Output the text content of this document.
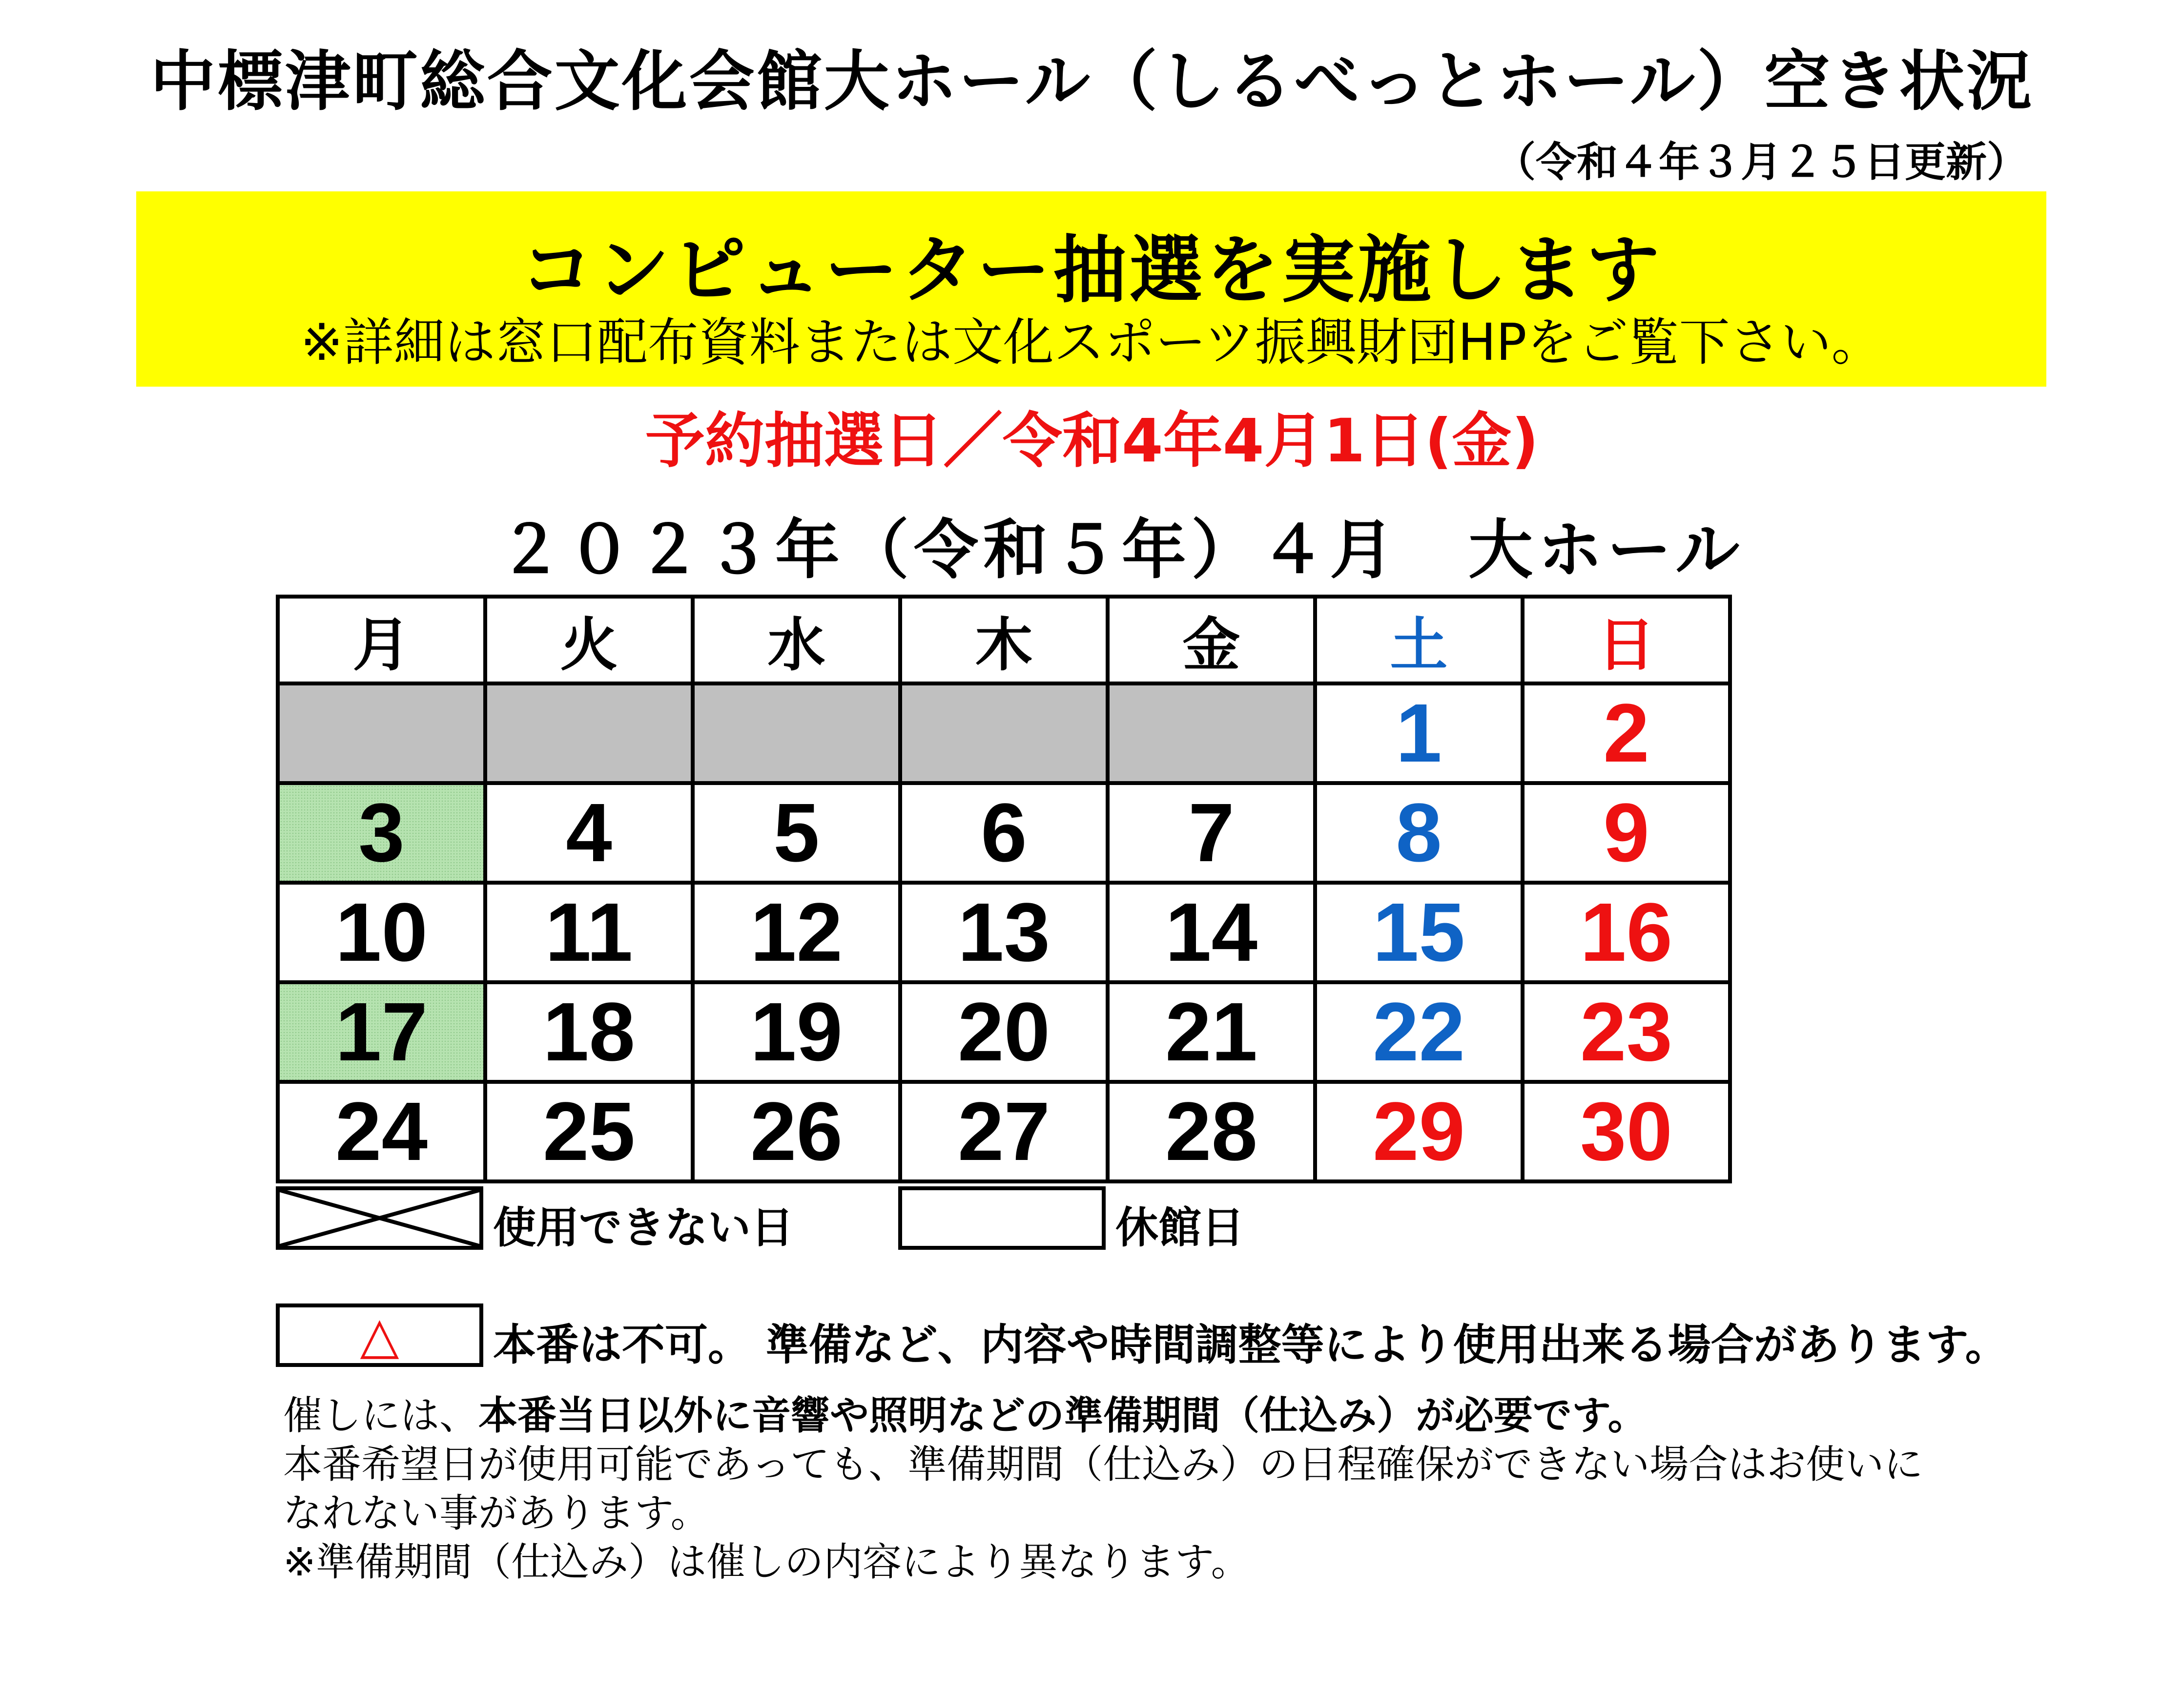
中標津町総合文化会館大ホール（しるべっとホール）空き状況
（令和４年３月２５日更新）
コンピューター抽選を実施します
※詳細は窓口配布資料または文化スポーツ振興財団HPをご覧下さい。
予約抽選日／令和4年4月1日(金)
２０２３年（令和５年）４月　大ホール
月	火	水	木	金	土	日
					1	2
3	4	5	6	7	8	9
10	11	12	13	14	15	16
17	18	19	20	21	22	23
24	25	26	27	28	29	30
使用できない日	休館日
△	本番は不可。 準備など、内容や時間調整等により使用出来る場合があります。
催しには、本番当日以外に音響や照明などの準備期間（仕込み）が必要です。
本番希望日が使用可能であっても、準備期間（仕込み）の日程確保ができない場合はお使いに
なれない事があります。
※準備期間（仕込み）は催しの内容により異なります。
